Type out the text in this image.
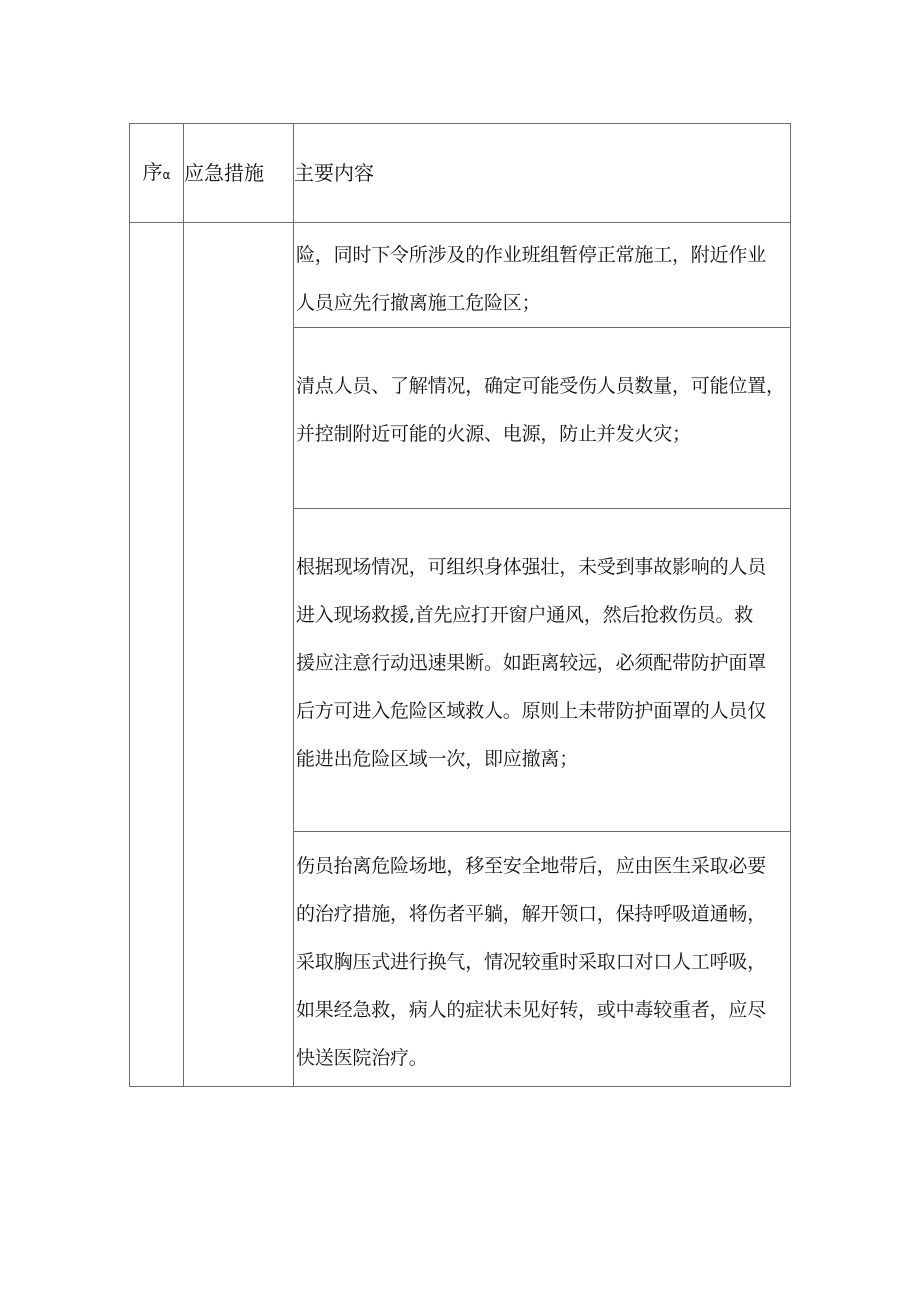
序α	应急措施	主要内容

		险，同时下令所涉及的作业班组暂停正常施工，附近作业
人员应先行撤离施工危险区；

		清点人员、了解情况，确定可能受伤人员数量，可能位置，
并控制附近可能的火源、电源，防止并发火灾；

		根据现场情况，可组织身体强壮，未受到事故影响的人员
进入现场救援,首先应打开窗户通风，然后抢救伤员。救
援应注意行动迅速果断。如距离较远，必须配带防护面罩
后方可进入危险区域救人。原则上未带防护面罩的人员仅
能进出危险区域一次，即应撤离；

		伤员抬离危险场地，移至安全地带后，应由医生采取必要
的治疗措施，将伤者平躺，解开领口，保持呼吸道通畅，
采取胸压式进行换气，情况较重时采取口对口人工呼吸，
如果经急救，病人的症状未见好转，或中毒较重者，应尽
快送医院治疗。
